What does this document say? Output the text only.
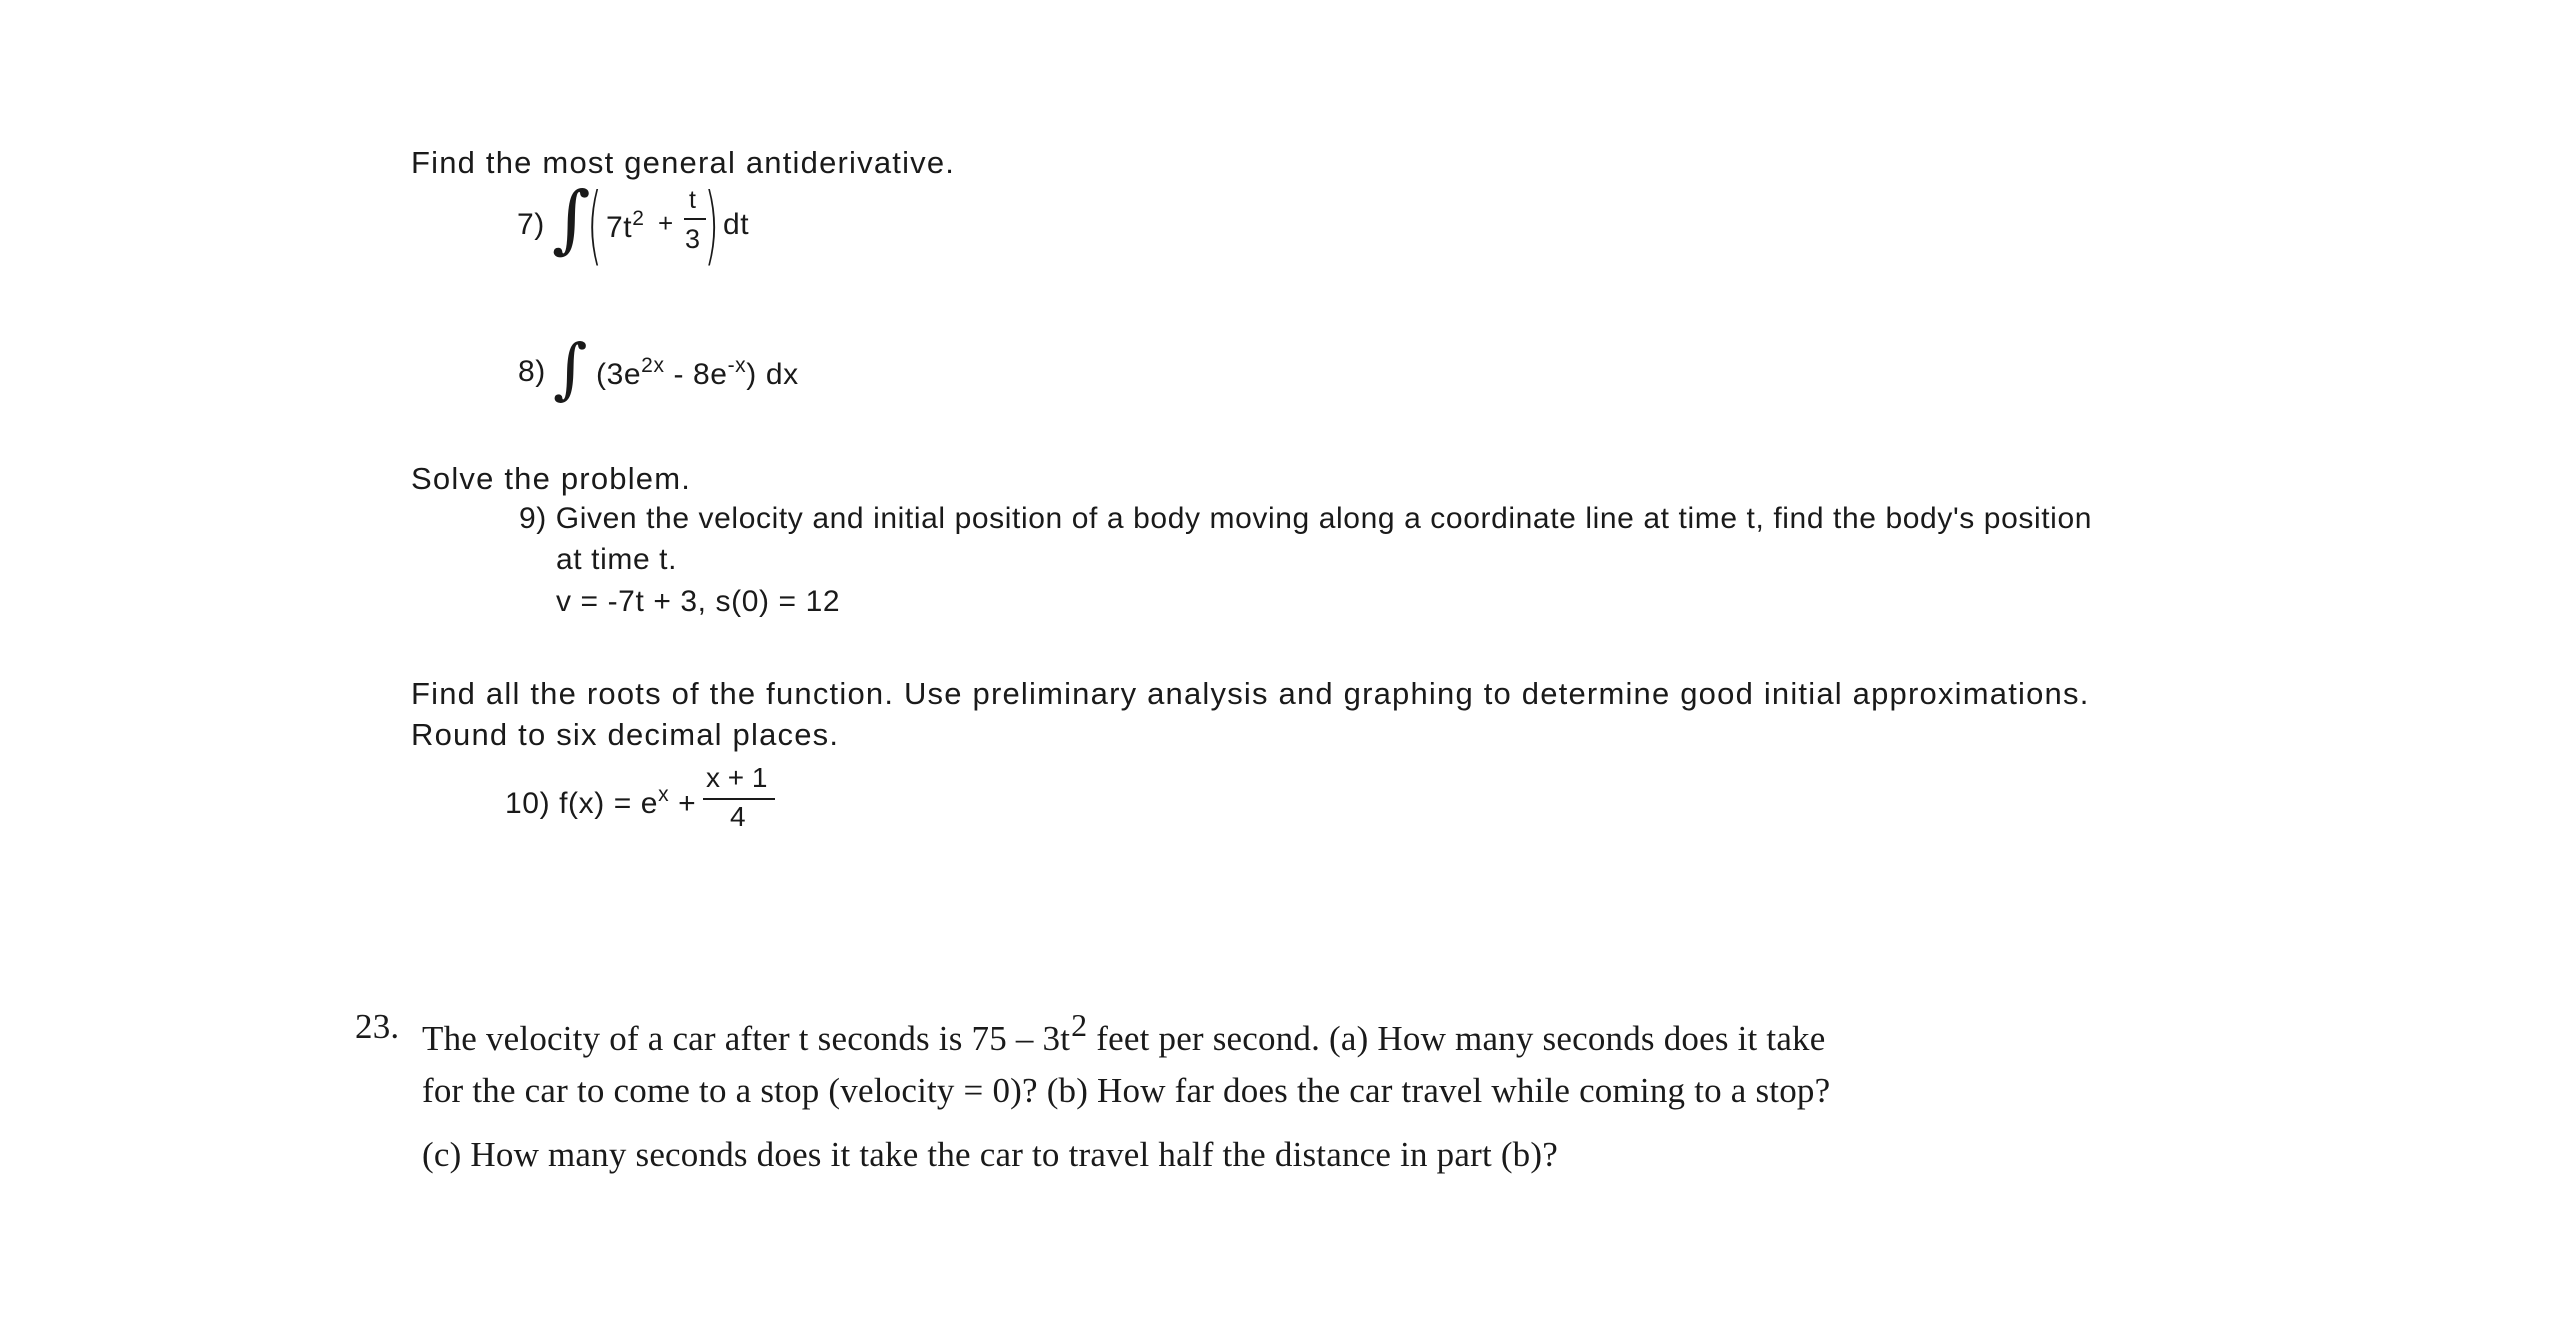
Find the most general antiderivative.
7) ∫
( $7t^2$ +
t
3 ) dt
8) ∫ $(3e^{2x} - 8e^{-x})$ dx
Solve the problem.
9) Given the velocity and initial position of a body moving along a coordinate line at time t, find the body's position
at time t.
v = -7t + 3, s(0) = 12
Find all the roots of the function. Use preliminary analysis and graphing to determine good initial approximations.
Round to six decimal places.
10) $f(x) = e^x$ +
x + 1
4
23. The velocity of a car after t seconds is $75 - 3t^2$ feet per second. (a) How many seconds does it take
for the car to come to a stop (velocity = 0)? (b) How far does the car travel while coming to a stop?
(c) How many seconds does it take the car to travel half the distance in part (b)?
